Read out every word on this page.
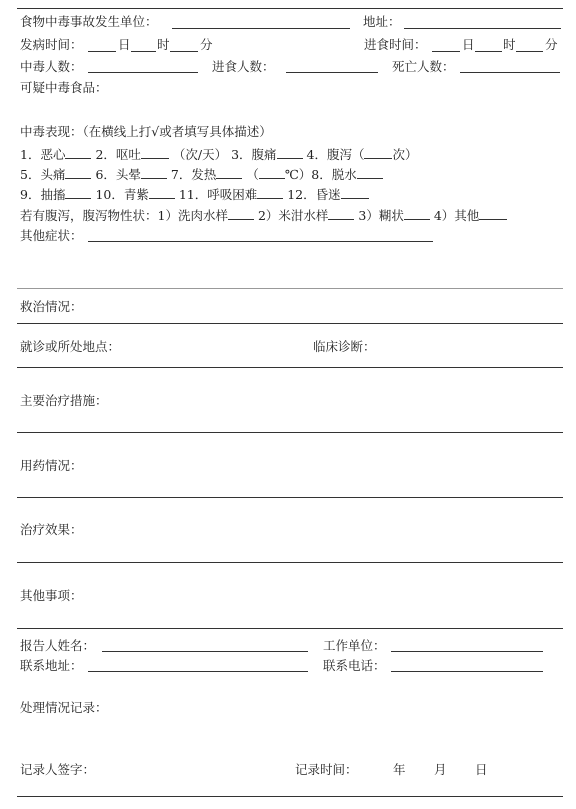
食物中毒事故发生单位：	地址：
发病时间：	日 时 分	进食时间：	日 时 分
中毒人数：	进食人数：	死亡人数：
可疑中毒食品：
中毒表现：（在横线上打√或者填写具体描述）
1．恶心 2．呕吐	（次/天） 3．腹痛 4．腹泻（ 次）
5．头痛 6．头晕 7．发热 （ ℃）8．脱水
9．抽搐 10．青紫 11．呼吸困难 12．昏迷
若有腹泻，腹泻物性状：1）洗肉水样 2）米泔水样 3）糊状 4）其他
其他症状：
救治情况：
就诊或所处地点：	临床诊断：
主要治疗措施：
用药情况：
治疗效果：
其他事项：
报告人姓名：	工作单位：
联系地址：	联系电话：
处理情况记录：
记录人签字：	记录时间：	年 月 日
